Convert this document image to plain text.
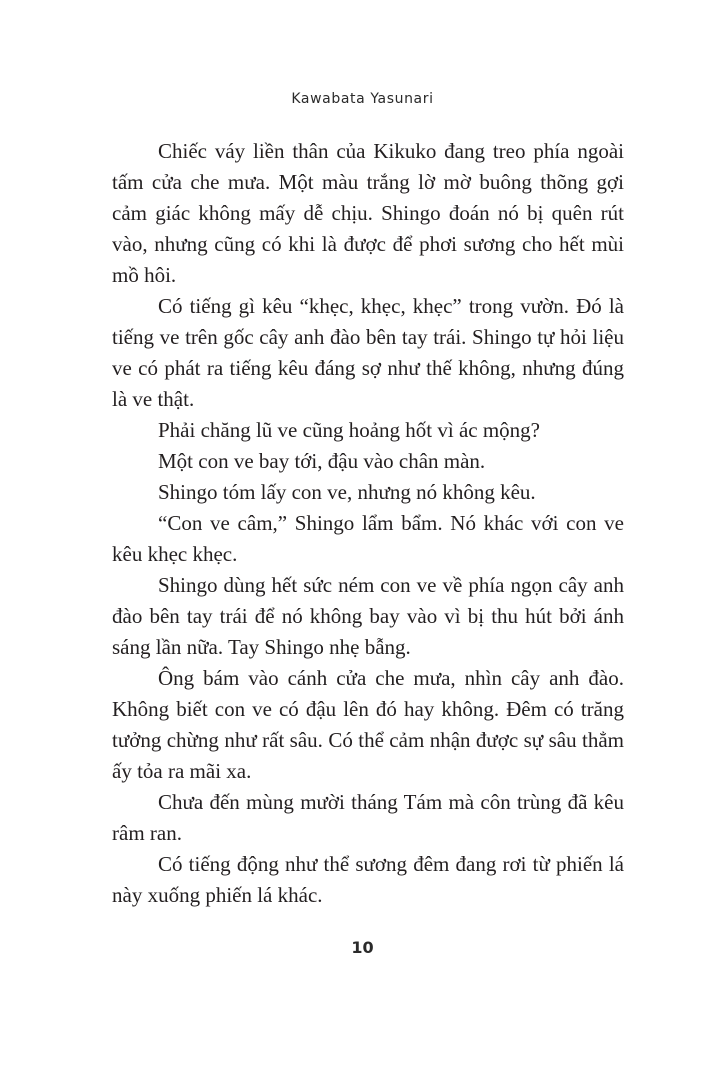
Kawabata Yasunari

Chiếc váy liền thân của Kikuko đang treo phía ngoài tấm cửa che mưa. Một màu trắng lờ mờ buông thõng gợi cảm giác không mấy dễ chịu. Shingo đoán nó bị quên rút vào, nhưng cũng có khi là được để phơi sương cho hết mùi mồ hôi.

Có tiếng gì kêu “khẹc, khẹc, khẹc” trong vườn. Đó là tiếng ve trên gốc cây anh đào bên tay trái. Shingo tự hỏi liệu ve có phát ra tiếng kêu đáng sợ như thế không, nhưng đúng là ve thật.

Phải chăng lũ ve cũng hoảng hốt vì ác mộng?

Một con ve bay tới, đậu vào chân màn.

Shingo tóm lấy con ve, nhưng nó không kêu.

“Con ve câm,” Shingo lẩm bẩm. Nó khác với con ve kêu khẹc khẹc.

Shingo dùng hết sức ném con ve về phía ngọn cây anh đào bên tay trái để nó không bay vào vì bị thu hút bởi ánh sáng lần nữa. Tay Shingo nhẹ bẫng.

Ông bám vào cánh cửa che mưa, nhìn cây anh đào. Không biết con ve có đậu lên đó hay không. Đêm có trăng tưởng chừng như rất sâu. Có thể cảm nhận được sự sâu thẳm ấy tỏa ra mãi xa.

Chưa đến mùng mười tháng Tám mà côn trùng đã kêu râm ran.

Có tiếng động như thể sương đêm đang rơi từ phiến lá này xuống phiến lá khác.

10
